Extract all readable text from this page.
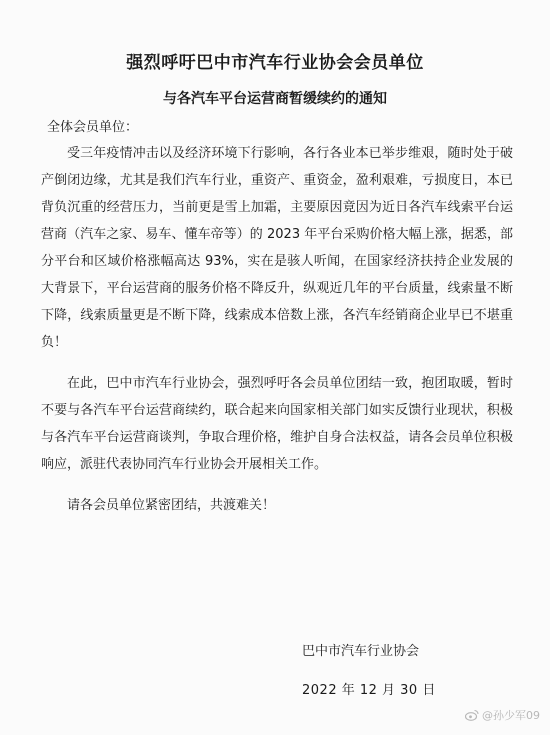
强烈呼吁巴中市汽车行业协会会员单位
与各汽车平台运营商暂缓续约的通知
全体会员单位：

受三年疫情冲击以及经济环境下行影响，各行各业本已举步维艰，随时处于破产倒闭边缘，尤其是我们汽车行业，重资产、重资金，盈利艰难，亏损度日，本已背负沉重的经营压力，当前更是雪上加霜，主要原因竟因为近日各汽车线索平台运营商（汽车之家、易车、懂车帝等）的 2023 年平台采购价格大幅上涨，据悉，部分平台和区域价格涨幅高达 93%，实在是骇人听闻，在国家经济扶持企业发展的大背景下，平台运营商的服务价格不降反升，纵观近几年的平台质量，线索量不断下降，线索质量更是不断下降，线索成本倍数上涨，各汽车经销商企业早已不堪重负！

在此，巴中市汽车行业协会，强烈呼吁各会员单位团结一致，抱团取暖，暂时不要与各汽车平台运营商续约，联合起来向国家相关部门如实反馈行业现状，积极与各汽车平台运营商谈判，争取合理价格，维护自身合法权益，请各会员单位积极响应，派驻代表协同汽车行业协会开展相关工作。

请各会员单位紧密团结，共渡难关！

巴中市汽车行业协会
2022 年 12 月 30 日
@孙少军09
